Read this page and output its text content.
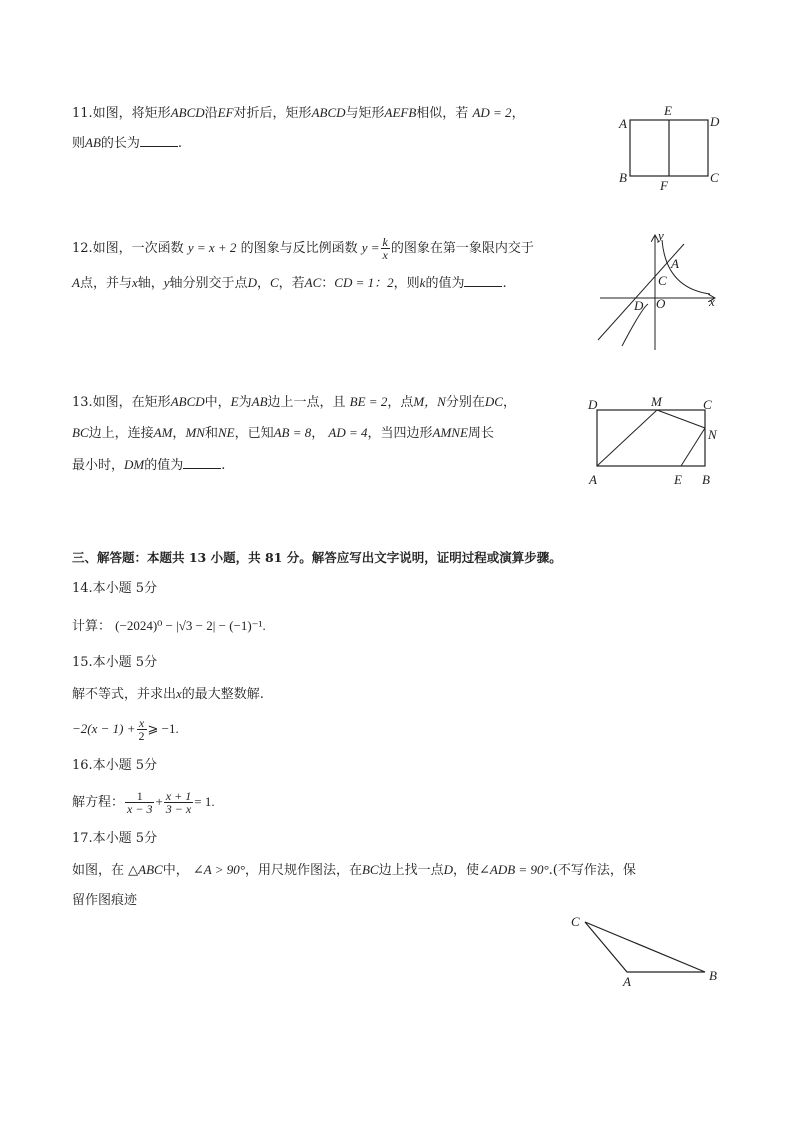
11.如图，将矩形ABCD沿EF对折后，矩形ABCD与矩形AEFB相似，若 AD = 2，
则AB的长为	.
A
E
D
B
F
C
12.如图，一次函数 y = x + 2 的图象与反比例函数 $y = \frac{k}{x}$ 的图象在第一象限内交于
A点，并与x轴，y轴分别交于点D，C，若AC：CD = 1：2，则k的值为	.
y
x
A
C
D O
13.如图，在矩形ABCD中，E为AB边上一点，且 BE = 2，点M，N分别在DC，
BC边上，连接AM，MN和NE，已知AB = 8， AD = 4，当四边形AMNE周长
最小时，DM的值为	.
D	M	C
N
A	E B
三、解答题：本题共 13 小题，共 81 分。解答应写出文字说明，证明过程或演算步骤。
14.本小题 5分
计算： (−2024)⁰ − |√3 − 2| − (−1)⁻¹.
15.本小题 5分
解不等式，并求出x的最大整数解.
$-2(x - 1) + \frac{x}{2}$ ⩾ −1.
16.本小题 5分
解方程： $\frac{1}{x - 3} + \frac{x + 1}{3 - x} = 1$.
17.本小题 5分
如图，在 △ABC中， ∠A > 90°，用尺规作图法，在BC边上找一点D，使∠ADB = 90°.(不写作法，保
留作图痕迹
C
A	B
